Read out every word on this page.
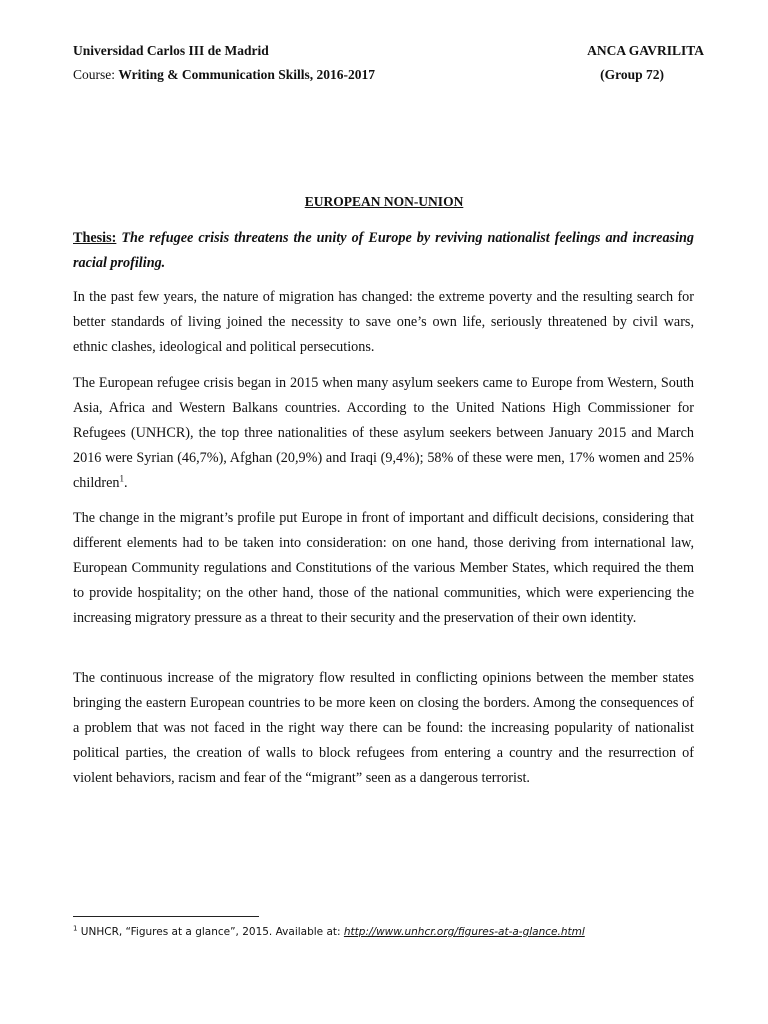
Universidad Carlos III de Madrid	ANCA GAVRILITA
Course: Writing & Communication Skills, 2016-2017	(Group 72)
EUROPEAN NON-UNION
Thesis: The refugee crisis threatens the unity of Europe by reviving nationalist feelings and increasing racial profiling.
In the past few years, the nature of migration has changed: the extreme poverty and the resulting search for better standards of living joined the necessity to save one’s own life, seriously threatened by civil wars, ethnic clashes, ideological and political persecutions.
The European refugee crisis began in 2015 when many asylum seekers came to Europe from Western, South Asia, Africa and Western Balkans countries. According to the United Nations High Commissioner for Refugees (UNHCR), the top three nationalities of these asylum seekers between January 2015 and March 2016 were Syrian (46,7%), Afghan (20,9%) and Iraqi (9,4%); 58% of these were men, 17% women and 25% children$^1$.
The change in the migrant’s profile put Europe in front of important and difficult decisions, considering that different elements had to be taken into consideration: on one hand, those deriving from international law, European Community regulations and Constitutions of the various Member States, which required the them to provide hospitality; on the other hand, those of the national communities, which were experiencing the increasing migratory pressure as a threat to their security and the preservation of their own identity.
The continuous increase of the migratory flow resulted in conflicting opinions between the member states bringing the eastern European countries to be more keen on closing the borders. Among the consequences of a problem that was not faced in the right way there can be found: the increasing popularity of nationalist political parties, the creation of walls to block refugees from entering a country and the resurrection of violent behaviors, racism and fear of the “migrant” seen as a dangerous terrorist.
$^1$ UNHCR, “Figures at a glance”, 2015. Available at: http://www.unhcr.org/figures-at-a-glance.html
